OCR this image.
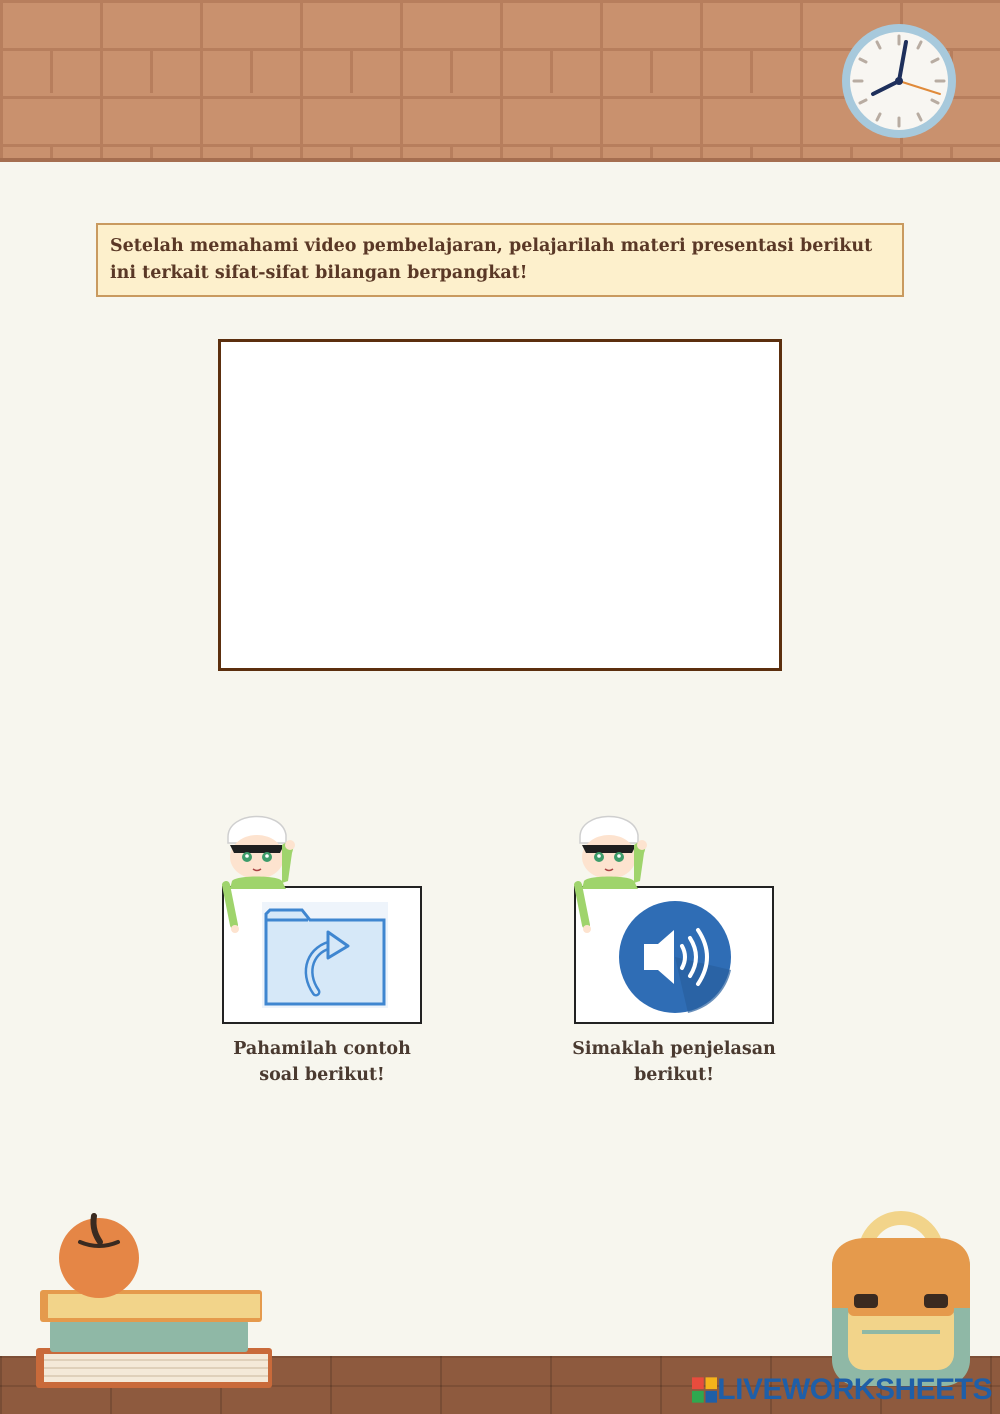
Setelah memahami video pembelajaran, pelajarilah materi presentasi berikut ini terkait sifat-sifat bilangan berpangkat!
Pahamilah contoh soal berikut!
Simaklah penjelasan berikut!
LIVEWORKSHEETS
